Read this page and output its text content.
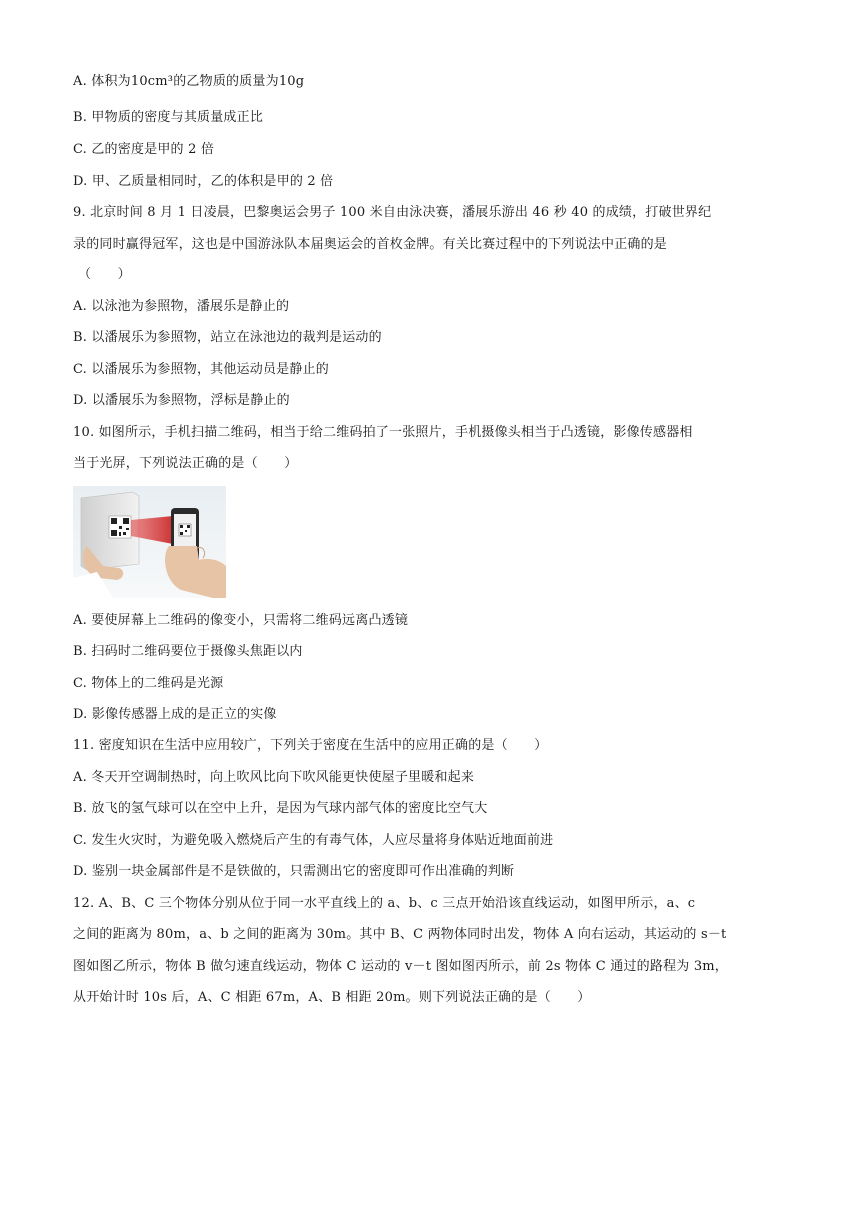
A. 体积为10cm³的乙物质的质量为10g
B. 甲物质的密度与其质量成正比
C. 乙的密度是甲的 2 倍
D. 甲、乙质量相同时，乙的体积是甲的 2 倍
9. 北京时间 8 月 1 日凌晨，巴黎奥运会男子 100 米自由泳决赛，潘展乐游出 46 秒 40 的成绩，打破世界纪
录的同时赢得冠军，这也是中国游泳队本届奥运会的首枚金牌。有关比赛过程中的下列说法中正确的是
（　　）
A. 以泳池为参照物，潘展乐是静止的
B. 以潘展乐为参照物，站立在泳池边的裁判是运动的
C. 以潘展乐为参照物，其他运动员是静止的
D. 以潘展乐为参照物，浮标是静止的
10. 如图所示，手机扫描二维码，相当于给二维码拍了一张照片，手机摄像头相当于凸透镜，影像传感器相
当于光屏，下列说法正确的是（　　）
A. 要使屏幕上二维码的像变小，只需将二维码远离凸透镜
B. 扫码时二维码要位于摄像头焦距以内
C. 物体上的二维码是光源
D. 影像传感器上成的是正立的实像
11. 密度知识在生活中应用较广，下列关于密度在生活中的应用正确的是（　　）
A. 冬天开空调制热时，向上吹风比向下吹风能更快使屋子里暖和起来
B. 放飞的氢气球可以在空中上升，是因为气球内部气体的密度比空气大
C. 发生火灾时，为避免吸入燃烧后产生的有毒气体，人应尽量将身体贴近地面前进
D. 鉴别一块金属部件是不是铁做的，只需测出它的密度即可作出准确的判断
12. A、B、C 三个物体分别从位于同一水平直线上的 a、b、c 三点开始沿该直线运动，如图甲所示，a、c
之间的距离为 80m，a、b 之间的距离为 30m。其中 B、C 两物体同时出发，物体 A 向右运动，其运动的 s－t
图如图乙所示，物体 B 做匀速直线运动，物体 C 运动的 v－t 图如图丙所示，前 2s 物体 C 通过的路程为 3m，
从开始计时 10s 后，A、C 相距 67m，A、B 相距 20m。则下列说法正确的是（　　）
